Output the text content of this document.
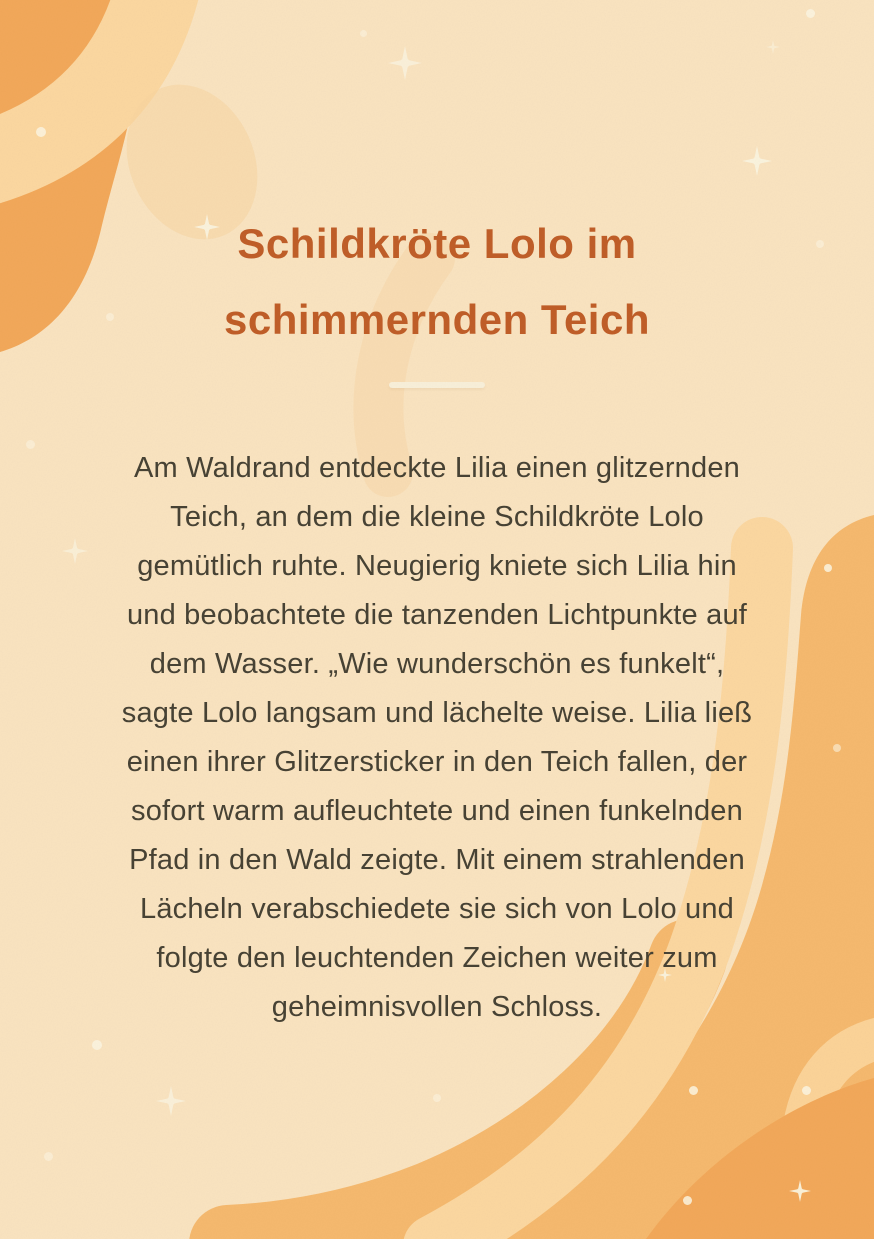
Schildkröte Lolo im
schimmernden Teich
Am Waldrand entdeckte Lilia einen glitzernden
Teich, an dem die kleine Schildkröte Lolo
gemütlich ruhte. Neugierig kniete sich Lilia hin
und beobachtete die tanzenden Lichtpunkte auf
dem Wasser. „Wie wunderschön es funkelt“,
sagte Lolo langsam und lächelte weise. Lilia ließ
einen ihrer Glitzersticker in den Teich fallen, der
sofort warm aufleuchtete und einen funkelnden
Pfad in den Wald zeigte. Mit einem strahlenden
Lächeln verabschiedete sie sich von Lolo und
folgte den leuchtenden Zeichen weiter zum
geheimnisvollen Schloss.
